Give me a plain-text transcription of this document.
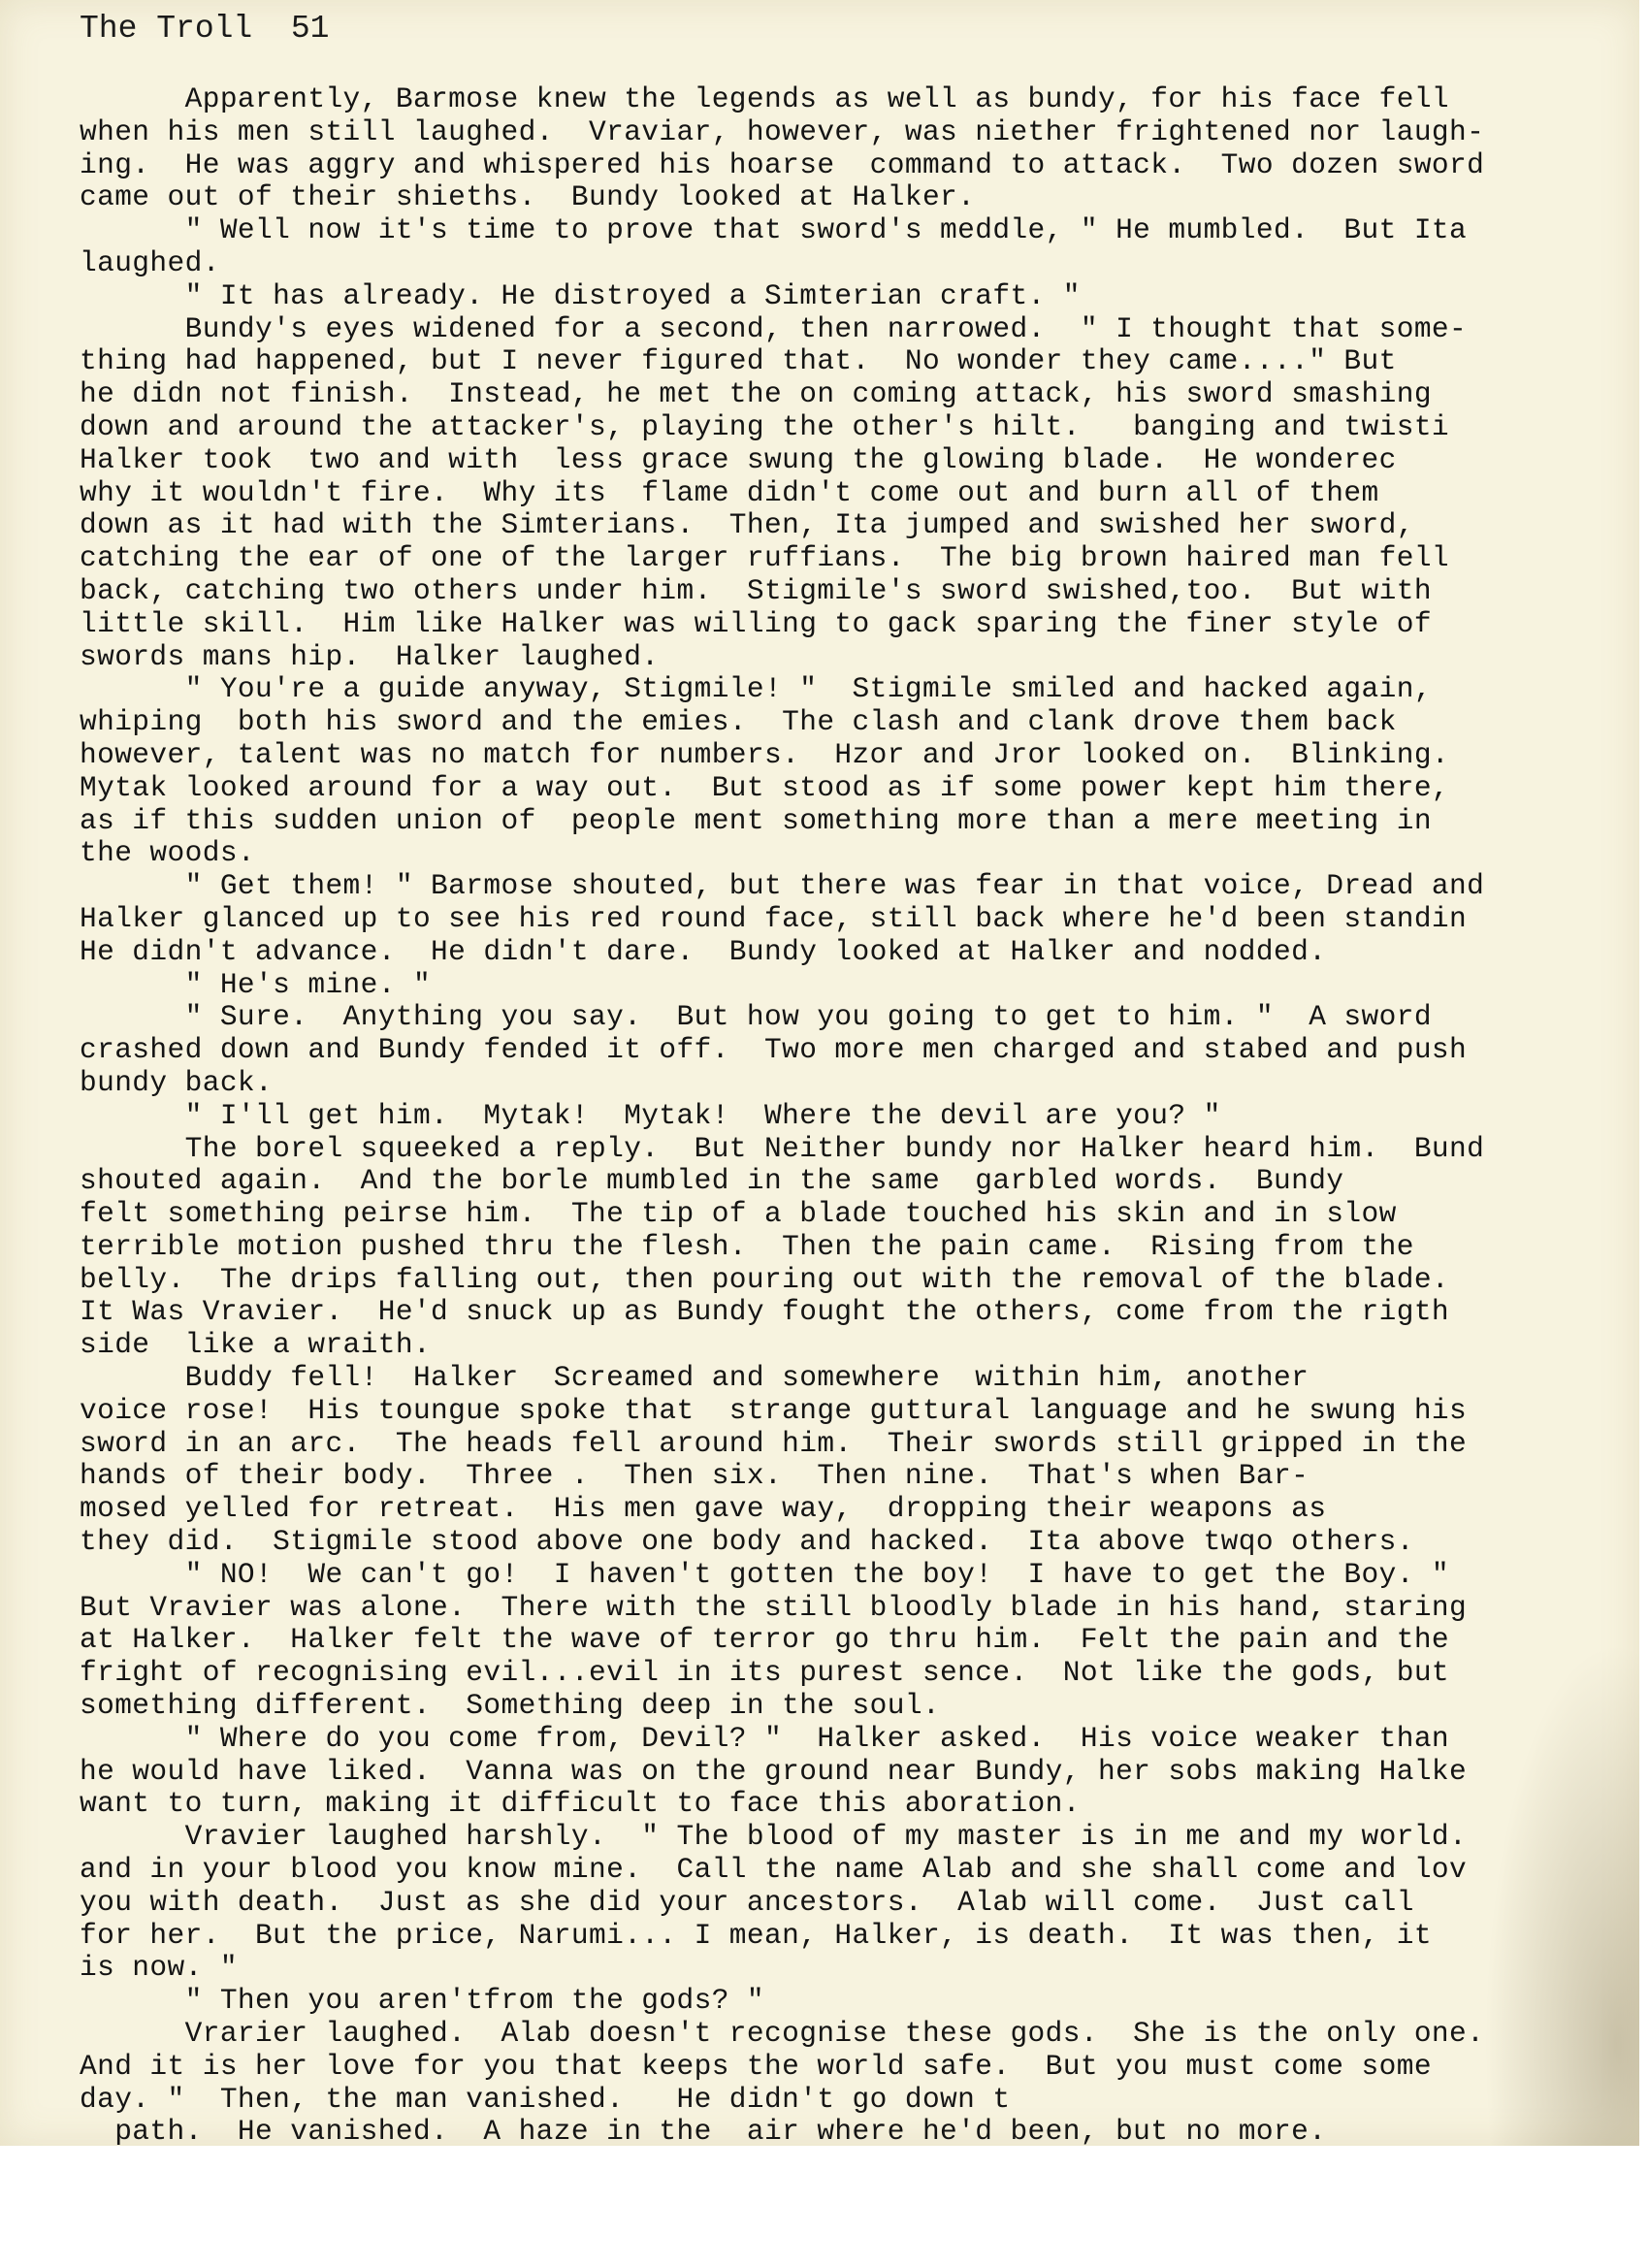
The Troll 51
Apparently, Barmose knew the legends as well as bundy, for his face fell
when his men still laughed.  Vraviar, however, was niether frightened nor laugh-
ing.  He was aggry and whispered his hoarse  command to attack.  Two dozen sword
came out of their shieths.  Bundy looked at Halker.
" Well now it's time to prove that sword's meddle, " He mumbled.  But Ita
laughed.
" It has already. He distroyed a Simterian craft. "
Bundy's eyes widened for a second, then narrowed.  " I thought that some-
thing had happened, but I never figured that.  No wonder they came...." But
he didn not finish.  Instead, he met the on coming attack, his sword smashing
down and around the attacker's, playing the other's hilt.   banging and twisti
Halker took  two and with  less grace swung the glowing blade.  He wonderec
why it wouldn't fire.  Why its  flame didn't come out and burn all of them
down as it had with the Simterians.  Then, Ita jumped and swished her sword,
catching the ear of one of the larger ruffians.  The big brown haired man fell
back, catching two others under him.  Stigmile's sword swished,too.  But with
little skill.  Him like Halker was willing to gack sparing the finer style of
swords mans hip.  Halker laughed.
" You're a guide anyway, Stigmile! "  Stigmile smiled and hacked again,
whiping  both his sword and the emies.  The clash and clank drove them back
however, talent was no match for numbers.  Hzor and Jror looked on.  Blinking.
Mytak looked around for a way out.  But stood as if some power kept him there,
as if this sudden union of  people ment something more than a mere meeting in
the woods.
" Get them! " Barmose shouted, but there was fear in that voice, Dread and
Halker glanced up to see his red round face, still back where he'd been standin
He didn't advance.  He didn't dare.  Bundy looked at Halker and nodded.
" He's mine. "
" Sure.  Anything you say.  But how you going to get to him. "  A sword
crashed down and Bundy fended it off.  Two more men charged and stabed and push
bundy back.
" I'll get him.  Mytak!  Mytak!  Where the devil are you? "
The borel squeeked a reply.  But Neither bundy nor Halker heard him.  Bund
shouted again.  And the borle mumbled in the same  garbled words.  Bundy
felt something peirse him.  The tip of a blade touched his skin and in slow
terrible motion pushed thru the flesh.  Then the pain came.  Rising from the
belly.  The drips falling out, then pouring out with the removal of the blade.
It Was Vravier.  He'd snuck up as Bundy fought the others, come from the rigth
side  like a wraith.
Buddy fell!  Halker  Screamed and somewhere  within him, another
voice rose!  His toungue spoke that  strange guttural language and he swung his
sword in an arc.  The heads fell around him.  Their swords still gripped in the
hands of their body.  Three .  Then six.  Then nine.  That's when Bar-
mosed yelled for retreat.  His men gave way,  dropping their weapons as
they did.  Stigmile stood above one body and hacked.  Ita above twqo others.
" NO!  We can't go!  I haven't gotten the boy!  I have to get the Boy. "
But Vravier was alone.  There with the still bloodly blade in his hand, staring
at Halker.  Halker felt the wave of terror go thru him.  Felt the pain and the
fright of recognising evil...evil in its purest sence.  Not like the gods, but
something different.  Something deep in the soul.
" Where do you come from, Devil? "  Halker asked.  His voice weaker than
he would have liked.  Vanna was on the ground near Bundy, her sobs making Halke
want to turn, making it difficult to face this aboration.
Vravier laughed harshly.  " The blood of my master is in me and my world.
and in your blood you know mine.  Call the name Alab and she shall come and lov
you with death.  Just as she did your ancestors.  Alab will come.  Just call
for her.  But the price, Narumi... I mean, Halker, is death.  It was then, it
is now. "
" Then you aren'tfrom the gods? "
Vrarier laughed.  Alab doesn't recognise these gods.  She is the only one.
And it is her love for you that keeps the world safe.  But you must come some
day. "  Then, the man vanished.   He didn't go down t
path.  He vanished.  A haze in the  air where he'd been, but no more.
